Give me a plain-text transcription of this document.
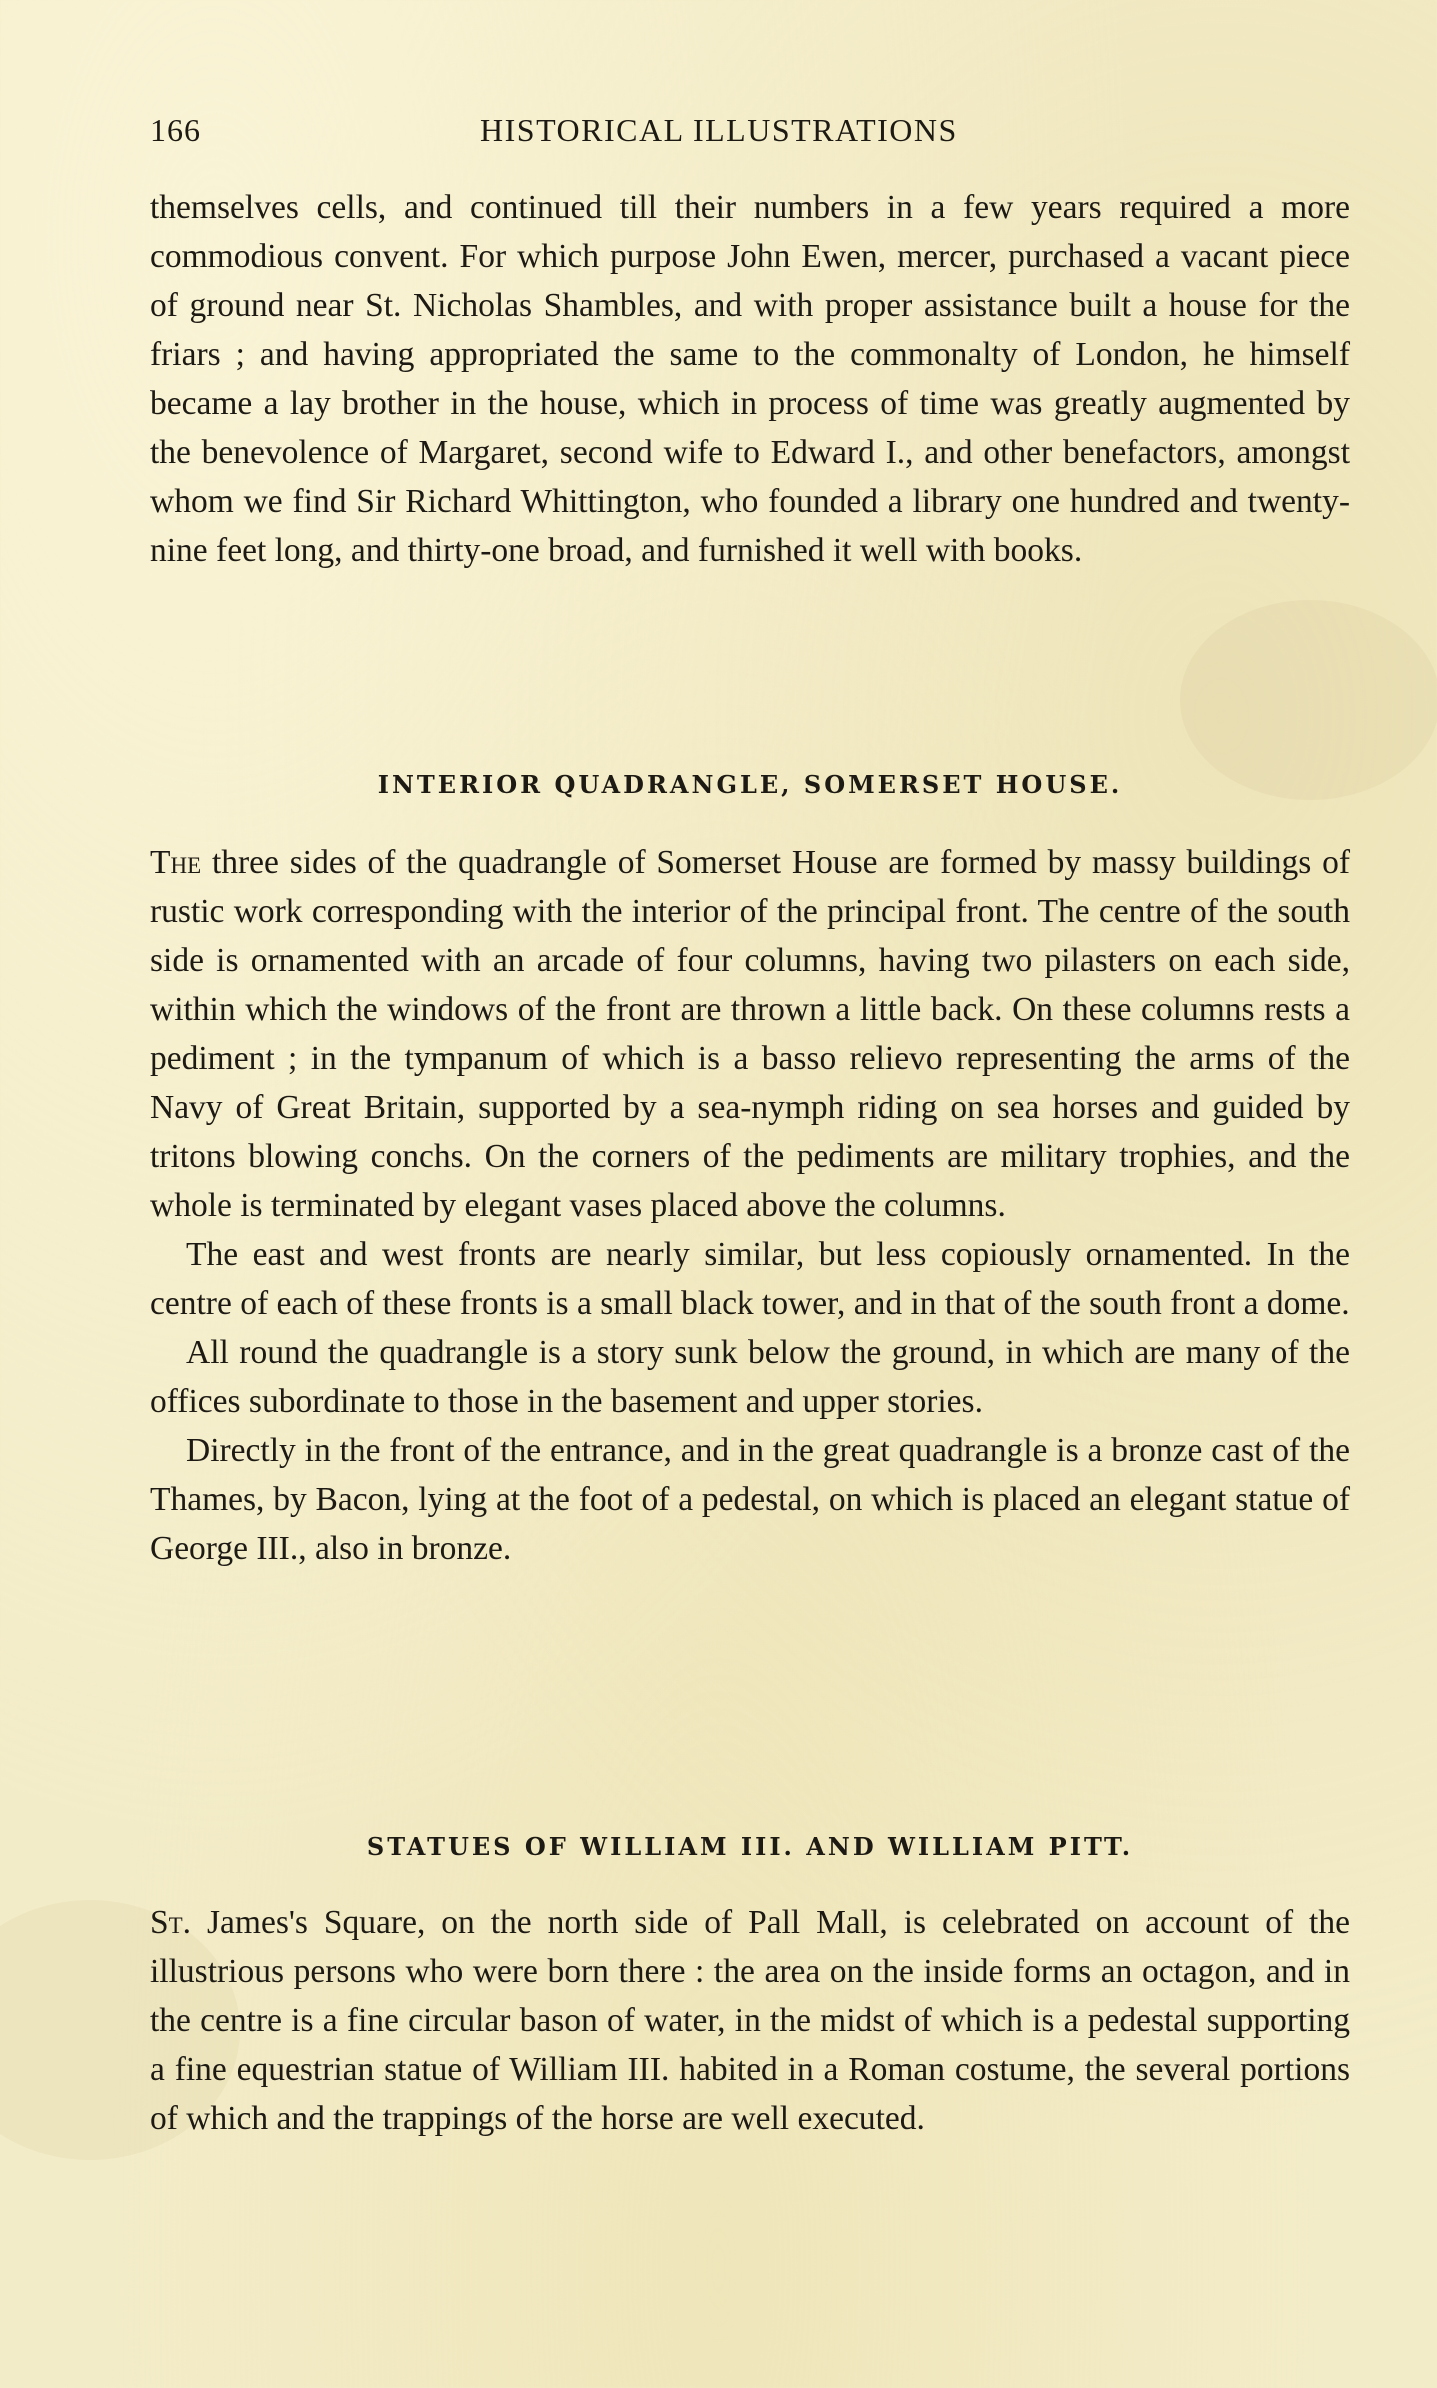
166	HISTORICAL ILLUSTRATIONS

themselves cells, and continued till their numbers in a few years required a more commodious convent. For which purpose John Ewen, mercer, purchased a vacant piece of ground near St. Nicholas Shambles, and with proper assistance built a house for the friars ; and having appropriated the same to the commonalty of London, he himself became a lay brother in the house, which in process of time was greatly augmented by the benevolence of Margaret, second wife to Edward I., and other benefactors, amongst whom we find Sir Richard Whittington, who founded a library one hundred and twenty-nine feet long, and thirty-one broad, and furnished it well with books.

INTERIOR QUADRANGLE, SOMERSET HOUSE.

The three sides of the quadrangle of Somerset House are formed by massy buildings of rustic work corresponding with the interior of the principal front. The centre of the south side is ornamented with an arcade of four columns, having two pilasters on each side, within which the windows of the front are thrown a little back. On these columns rests a pediment ; in the tympanum of which is a basso relievo representing the arms of the Navy of Great Britain, supported by a sea-nymph riding on sea horses and guided by tritons blowing conchs. On the corners of the pediments are military trophies, and the whole is terminated by elegant vases placed above the columns.

The east and west fronts are nearly similar, but less copiously ornamented. In the centre of each of these fronts is a small black tower, and in that of the south front a dome.

All round the quadrangle is a story sunk below the ground, in which are many of the offices subordinate to those in the basement and upper stories.

Directly in the front of the entrance, and in the great quadrangle is a bronze cast of the Thames, by Bacon, lying at the foot of a pedestal, on which is placed an elegant statue of George III., also in bronze.

STATUES OF WILLIAM III. AND WILLIAM PITT.

St. James's Square, on the north side of Pall Mall, is celebrated on account of the illustrious persons who were born there : the area on the inside forms an octagon, and in the centre is a fine circular bason of water, in the midst of which is a pedestal supporting a fine equestrian statue of William III. habited in a Roman costume, the several portions of which and the trappings of the horse are well executed.
